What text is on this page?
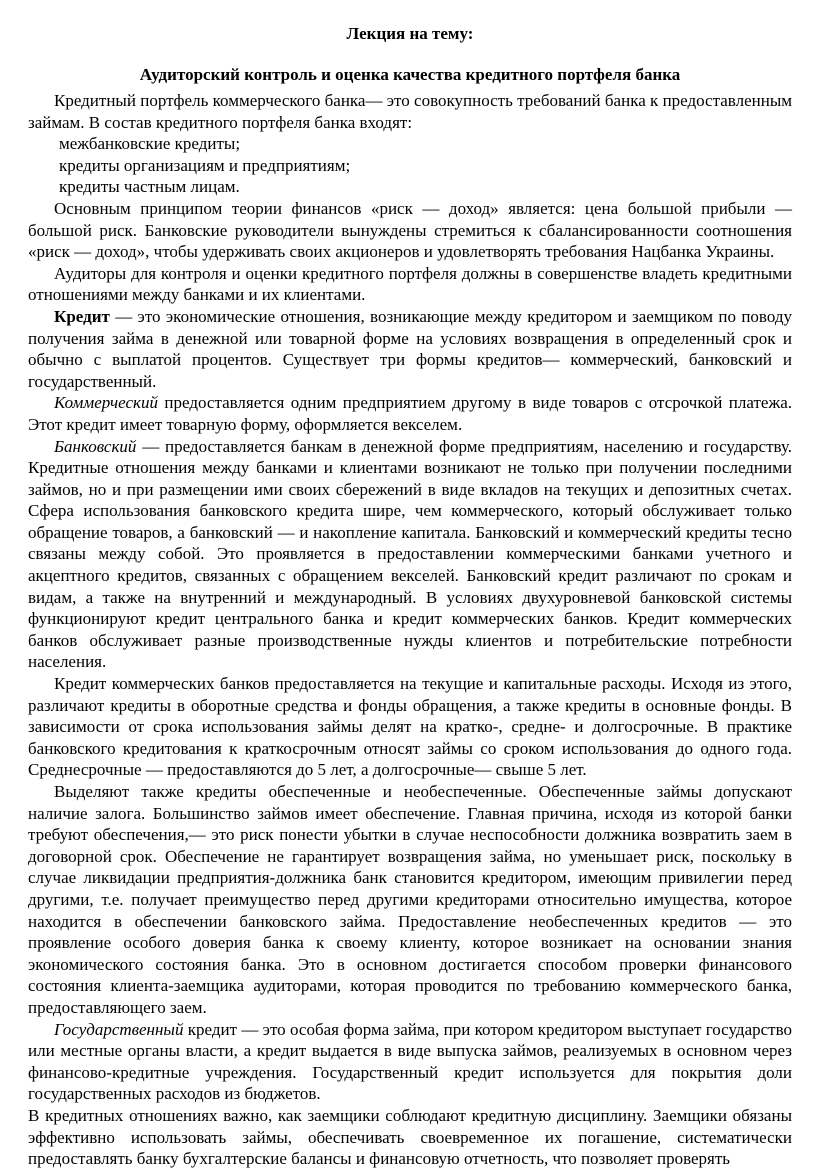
Лекция на тему:

Аудиторский контроль и оценка качества кредитного портфеля банка

Кредитный портфель коммерческого банка— это совокупность требований банка к предоставленным займам. В состав кредитного портфеля банка входят:

межбанковские кредиты;

кредиты организациям и предприятиям;

кредиты частным лицам.

Основным принципом теории финансов «риск — доход» является: цена большой прибыли — большой риск. Банковские руководители вынуждены стремиться к сбалансированности соотношения «риск — доход», чтобы удерживать своих акционеров и удовлетворять требования Нацбанка Украины.

Аудиторы для контроля и оценки кредитного портфеля должны в совершенстве владеть кредитными отношениями между банками и их клиентами.

Кредит — это экономические отношения, возникающие между кредитором и заемщиком по поводу получения займа в денежной или товарной форме на условиях возвращения в определенный срок и обычно с выплатой процентов. Существует три формы кредитов— коммерческий, банковский и государственный.

Коммерческий предоставляется одним предприятием другому в виде товаров с отсрочкой платежа. Этот кредит имеет товарную форму, оформляется векселем.

Банковский — предоставляется банкам в денежной форме предприятиям, населению и государству. Кредитные отношения между банками и клиентами возникают не только при получении последними займов, но и при размещении ими своих сбережений в виде вкладов на текущих и депозитных счетах. Сфера использования банковского кредита шире, чем коммерческого, который обслуживает только обращение товаров, а банковский — и накопление капитала. Банковский и коммерческий кредиты тесно связаны между собой. Это проявляется в предоставлении коммерческими банками учетного и акцептного кредитов, связанных с обращением векселей. Банковский кредит различают по срокам и видам, а также на внутренний и международный. В условиях двухуровневой банковской системы функционируют кредит центрального банка и кредит коммерческих банков. Кредит коммерческих банков обслуживает разные производственные нужды клиентов и потребительские потребности населения.

Кредит коммерческих банков предоставляется на текущие и капитальные расходы. Исходя из этого, различают кредиты в оборотные средства и фонды обращения, а также кредиты в основные фонды. В зависимости от срока использования займы делят на кратко-, средне- и долгосрочные. В практике банковского кредитования к краткосрочным относят займы со сроком использования до одного года. Среднесрочные — предоставляются до 5 лет, а долгосрочные— свыше 5 лет.

Выделяют также кредиты обеспеченные и необеспеченные. Обеспеченные займы допускают наличие залога. Большинство займов имеет обеспечение. Главная причина, исходя из которой банки требуют обеспечения,— это риск понести убытки в случае неспособности должника возвратить заем в договорной срок. Обеспечение не гарантирует возвращения займа, но уменьшает риск, поскольку в случае ликвидации предприятия-должника банк становится кредитором, имеющим привилегии перед другими, т.е. получает преимущество перед другими кредиторами относительно имущества, которое находится в обеспечении банковского займа. Предоставление необеспеченных кредитов — это проявление особого доверия банка к своему клиенту, которое возникает на основании знания экономического состояния банка. Это в основном достигается способом проверки финансового состояния клиента-заемщика аудиторами, которая проводится по требованию коммерческого банка, предоставляющего заем.

Государственный кредит — это особая форма займа, при котором кредитором выступает государство или местные органы власти, а кредит выдается в виде выпуска займов, реализуемых в основном через финансово-кредитные учреждения. Государственный кредит используется для покрытия доли государственных расходов из бюджетов.

В кредитных отношениях важно, как заемщики соблюдают кредитную дисциплину. Заемщики обязаны эффективно использовать займы, обеспечивать своевременное их погашение, систематически предоставлять банку бухгалтерские балансы и финансовую отчетность, что позволяет проверять
